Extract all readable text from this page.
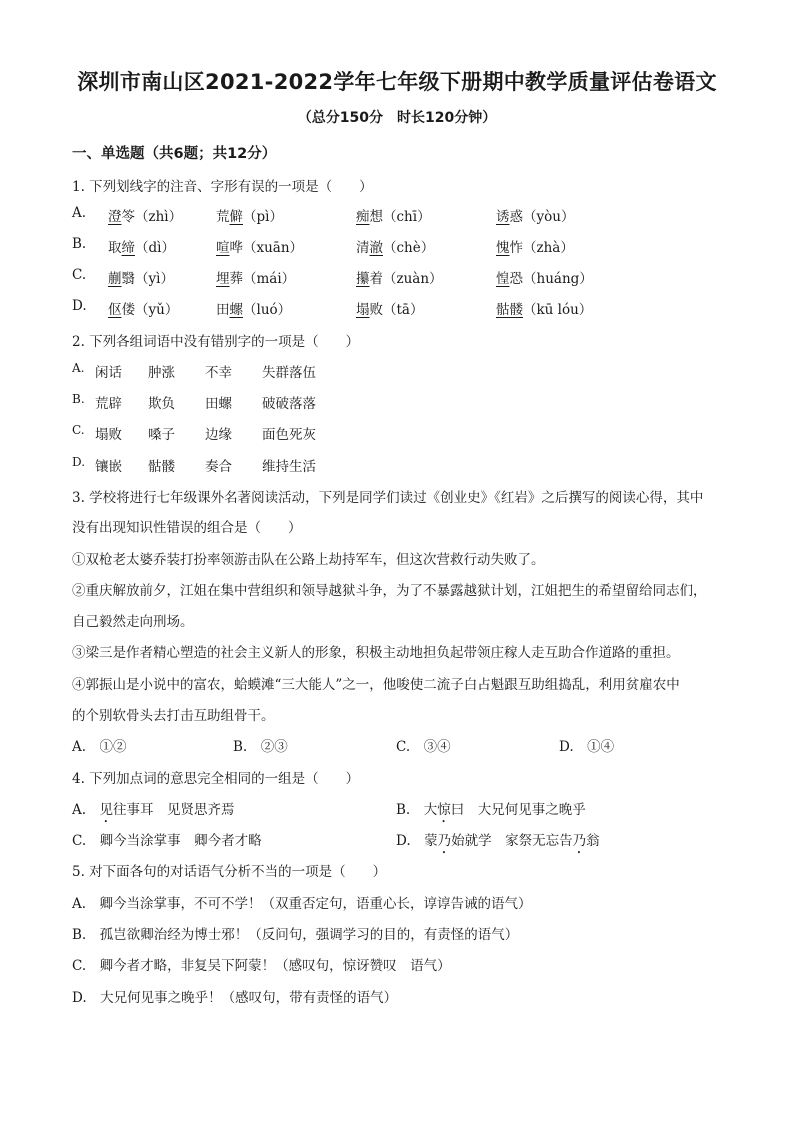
深圳市南山区2021-2022学年七年级下册期中教学质量评估卷语文
（总分150分　时长120分钟）
一、单选题（共6题；共12分）
1. 下列划线字的注音、字形有误的一项是（　　）
A. 澄笭（zhì）	荒僻（pì）	痴想（chī）	诱惑（yòu）
B. 取缔（dì）	喧哗（xuān）	清澈（chè）	愧怍（zhà）
C. 蒯翳（yì）	埋葬（mái）	攥着（zuàn）	惶恐（huáng）
D. 伛偻（yǔ）	田螺（luó）	塌败（tā）	骷髅（kū lóu）
2. 下列各组词语中没有错别字的一项是（　　）
A. 闲话 肿涨 不幸 失群落伍
B. 荒辟 欺负 田螺 破破落落
C. 塌败 嗓子 边缘 面色死灰
D. 镶嵌 骷髅 奏合 维持生活
3. 学校将进行七年级课外名著阅读活动，下列是同学们读过《创业史》《红岩》之后撰写的阅读心得，其中
没有出现知识性错误的组合是（　　）
①双枪老太婆乔装打扮率领游击队在公路上劫持军车，但这次营救行动失败了。
②重庆解放前夕，江姐在集中营组织和领导越狱斗争，为了不暴露越狱计划，江姐把生的希望留给同志们，
自己毅然走向刑场。
③梁三是作者精心塑造的社会主义新人的形象，积极主动地担负起带领庄稼人走互助合作道路的重担。
④郭振山是小说中的富农，蛤蟆滩“三大能人”之一，他唆使二流子白占魁跟互助组捣乱，利用贫雇农中
的个别软骨头去打击互助组骨干。
A.　①②	B.　②③	C.　③④	D.　①④
4. 下列加点词的意思完全相同的一组是（　　）
A.　见往事耳　见贤思齐焉	B.　大惊曰　大兄何见事之晚乎
C.　卿今当涂掌事　卿今者才略	D.　蒙乃始就学　家祭无忘告乃翁
5. 对下面各句的对话语气分析不当的一项是（　　）
A.　卿今当涂掌事，不可不学！（双重否定句，语重心长，谆谆告诫的语气）
B.　孤岂欲卿治经为博士邪！（反问句，强调学习的目的，有责怪的语气）
C.　卿今者才略，非复吴下阿蒙！（感叹句，惊讶赞叹　语气）
D.　大兄何见事之晚乎！（感叹句，带有责怪的语气）
